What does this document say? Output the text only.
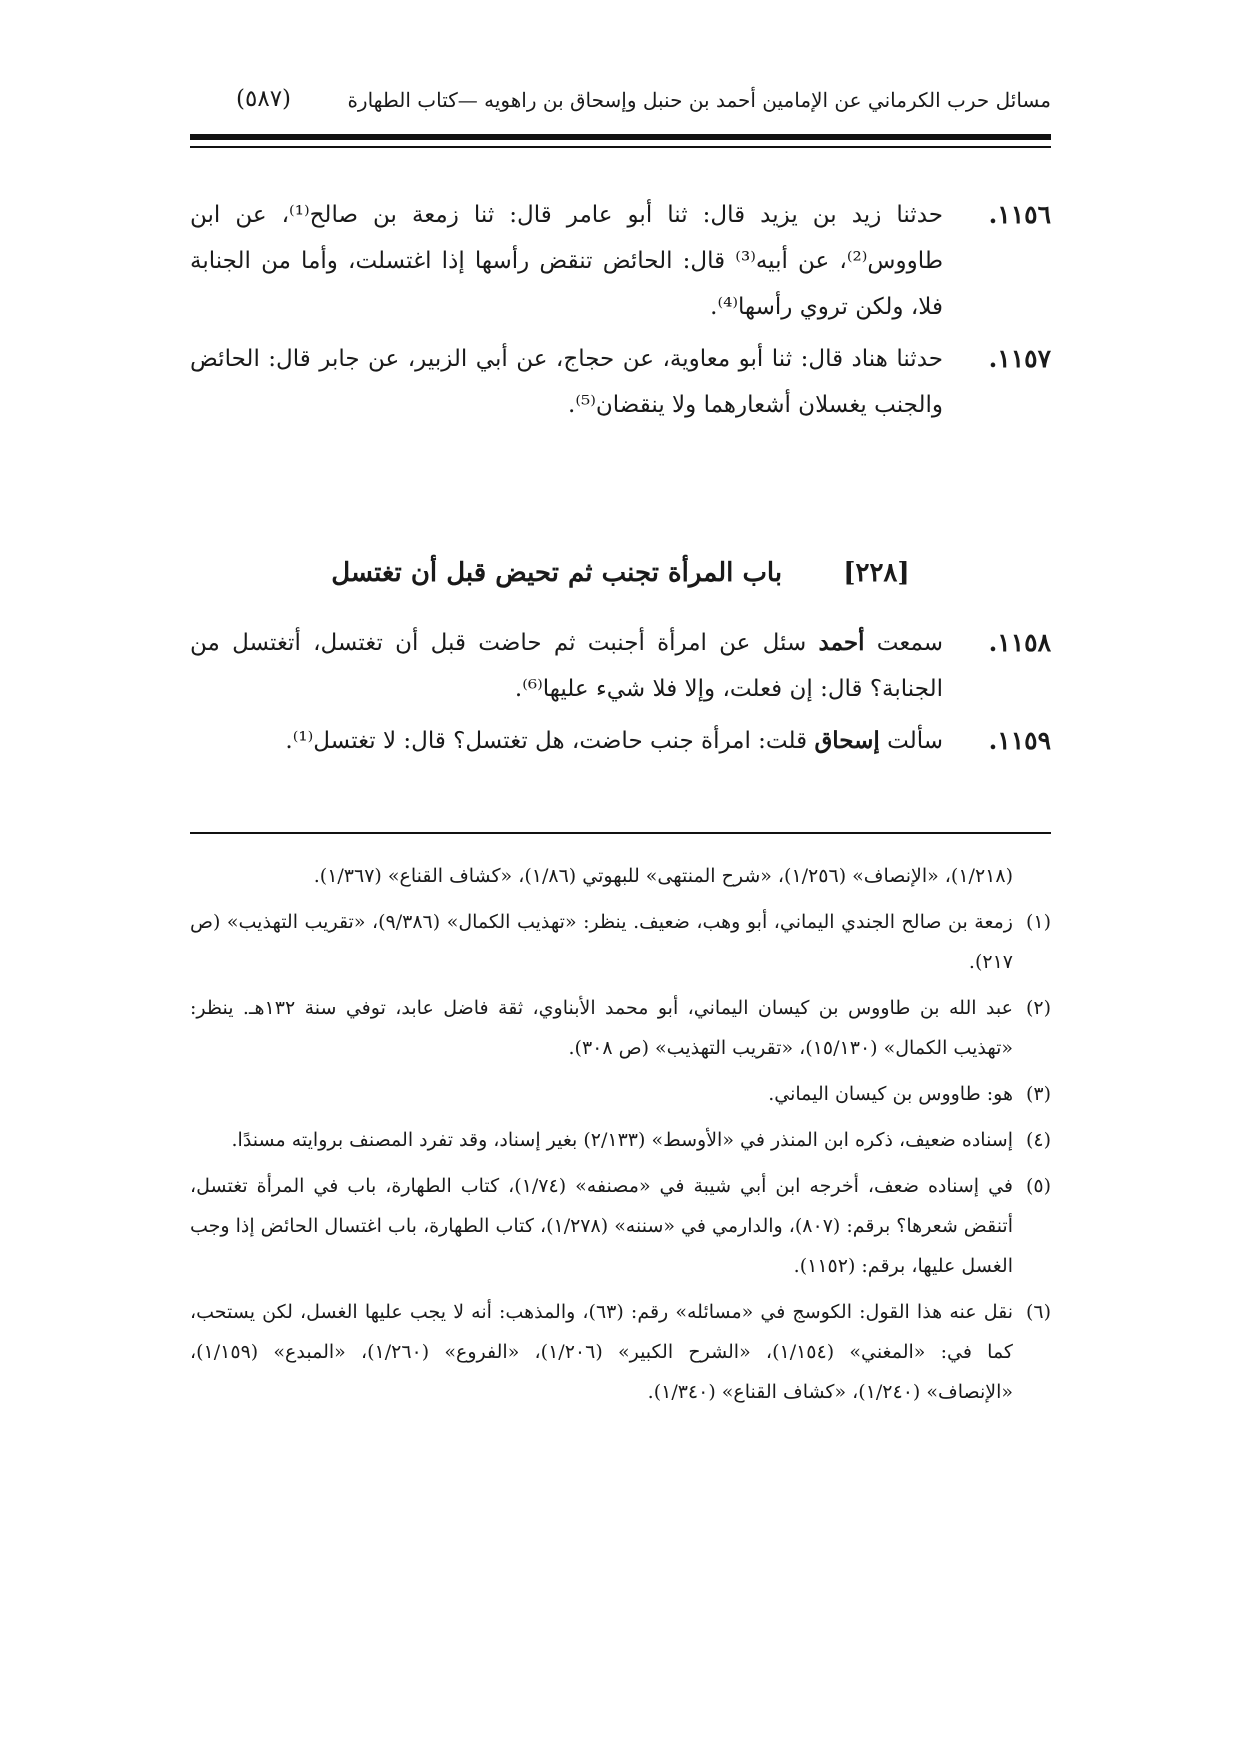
مسائل حرب الكرماني عن الإمامين أحمد بن حنبل وإسحاق بن راهويه —كتاب الطهارة
(٥٨٧)
١١٥٦.
حدثنا زيد بن يزيد قال: ثنا أبو عامر قال: ثنا زمعة بن صالح⁽¹⁾، عن ابن طاووس⁽²⁾، عن أبيه⁽³⁾ قال: الحائض تنقض رأسها إذا اغتسلت، وأما من الجنابة فلا، ولكن تروي رأسها⁽⁴⁾.
١١٥٧.
حدثنا هناد قال: ثنا أبو معاوية، عن حجاج، عن أبي الزبير، عن جابر قال: الحائض والجنب يغسلان أشعارهما ولا ينقضان⁽⁵⁾.
[٢٢٨] باب المرأة تجنب ثم تحيض قبل أن تغتسل
١١٥٨.
سمعت أحمد سئل عن امرأة أجنبت ثم حاضت قبل أن تغتسل، أتغتسل من الجنابة؟ قال: إن فعلت، وإلا فلا شيء عليها⁽⁶⁾.
١١٥٩.
سألت إسحاق قلت: امرأة جنب حاضت، هل تغتسل؟ قال: لا تغتسل⁽¹⁾.
(١/٢١٨)، «الإنصاف» (١/٢٥٦)، «شرح المنتهى» للبهوتي (١/٨٦)، «كشاف القناع» (١/٣٦٧).
(١)
زمعة بن صالح الجندي اليماني، أبو وهب، ضعيف. ينظر: «تهذيب الكمال» (٩/٣٨٦)، «تقريب التهذيب» (ص ٢١٧).
(٢)
عبد الله بن طاووس بن كيسان اليماني، أبو محمد الأبناوي، ثقة فاضل عابد، توفي سنة ١٣٢هـ. ينظر: «تهذيب الكمال» (١٥/١٣٠)، «تقريب التهذيب» (ص ٣٠٨).
(٣)
هو: طاووس بن كيسان اليماني.
(٤)
إسناده ضعيف، ذكره ابن المنذر في «الأوسط» (٢/١٣٣) بغير إسناد، وقد تفرد المصنف بروايته مسندًا.
(٥)
في إسناده ضعف، أخرجه ابن أبي شيبة في «مصنفه» (١/٧٤)، كتاب الطهارة، باب في المرأة تغتسل، أتنقض شعرها؟ برقم: (٨٠٧)، والدارمي في «سننه» (١/٢٧٨)، كتاب الطهارة، باب اغتسال الحائض إذا وجب الغسل عليها، برقم: (١١٥٢).
(٦)
نقل عنه هذا القول: الكوسج في «مسائله» رقم: (٦٣)، والمذهب: أنه لا يجب عليها الغسل، لكن يستحب، كما في: «المغني» (١/١٥٤)، «الشرح الكبير» (١/٢٠٦)، «الفروع» (١/٢٦٠)، «المبدع» (١/١٥٩)، «الإنصاف» (١/٢٤٠)، «كشاف القناع» (١/٣٤٠).
